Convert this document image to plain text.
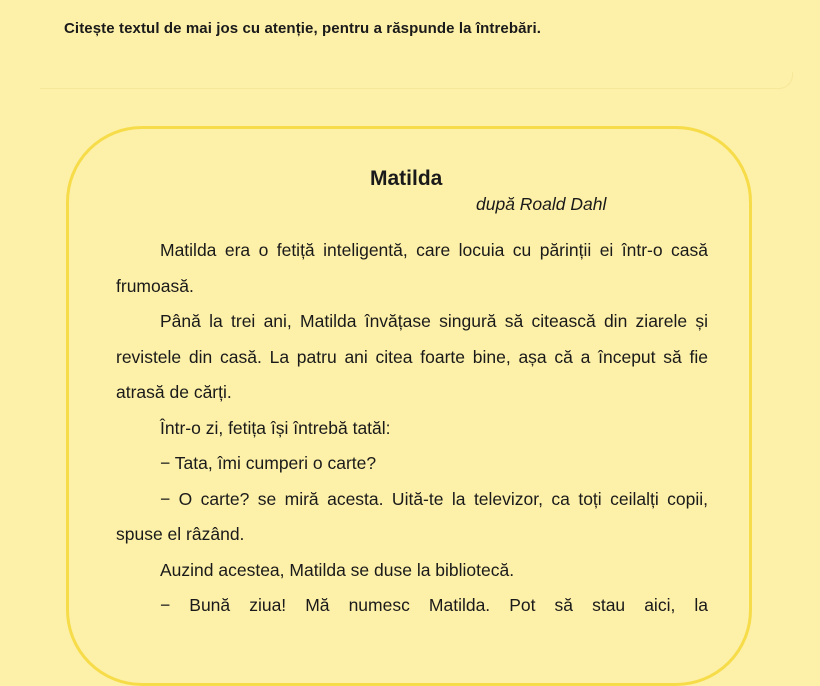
Citește textul de mai jos cu atenție, pentru a răspunde la întrebări.
Matilda
după Roald Dahl

Matilda era o fetiță inteligentă, care locuia cu părinții ei într-o casă frumoasă.

Până la trei ani, Matilda învățase singură să citească din ziarele și revistele din casă. La patru ani citea foarte bine, așa că a început să fie atrasă de cărți.

Într-o zi, fetița își întrebă tatăl:

− Tata, îmi cumperi o carte?

− O carte? se miră acesta. Uită-te la televizor, ca toți ceilalți copii, spuse el râzând.

Auzind acestea, Matilda se duse la bibliotecă.

− Bună ziua! Mă numesc Matilda. Pot să stau aici, la
